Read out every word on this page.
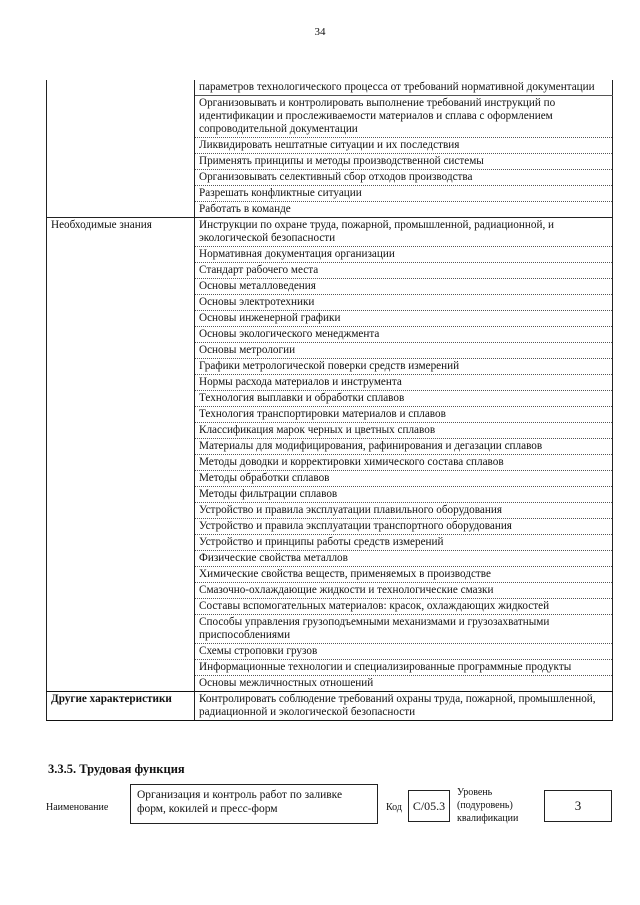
34
	параметров технологического процесса от требований нормативной документации
	Организовывать и контролировать выполнение требований инструкций по идентификации и прослеживаемости материалов и сплава с оформлением сопроводительной документации
	Ликвидировать нештатные ситуации и их последствия
	Применять принципы и методы производственной системы
	Организовывать селективный сбор отходов производства
	Разрешать конфликтные ситуации
	Работать в команде
Необходимые знания	Инструкции по охране труда, пожарной, промышленной, радиационной, и экологической безопасности
	Нормативная документация организации
	Стандарт рабочего места
	Основы металловедения
	Основы электротехники
	Основы инженерной графики
	Основы экологического менеджмента
	Основы метрологии
	Графики метрологической поверки средств измерений
	Нормы расхода материалов и инструмента
	Технология выплавки и обработки сплавов
	Технология транспортировки материалов и сплавов
	Классификация марок черных и цветных сплавов
	Материалы для модифицирования, рафинирования и дегазации сплавов
	Методы доводки и корректировки химического состава сплавов
	Методы обработки сплавов
	Методы фильтрации сплавов
	Устройство и правила эксплуатации плавильного оборудования
	Устройство и правила эксплуатации транспортного оборудования
	Устройство и принципы работы средств измерений
	Физические свойства металлов
	Химические свойства веществ, применяемых в производстве
	Смазочно-охлаждающие жидкости и технологические смазки
	Составы вспомогательных материалов: красок, охлаждающих жидкостей
	Способы управления грузоподъемными механизмами и грузозахватными приспособлениями
	Схемы строповки грузов
	Информационные технологии и специализированные программные продукты
	Основы межличностных отношений
Другие характеристики	Контролировать соблюдение требований охраны труда, пожарной, промышленной, радиационной и экологической безопасности
3.3.5. Трудовая функция
Наименование
Организация и контроль работ по заливке форм, кокилей и пресс-форм	Код С/05.3
Уровень (подуровень) квалификации
3
